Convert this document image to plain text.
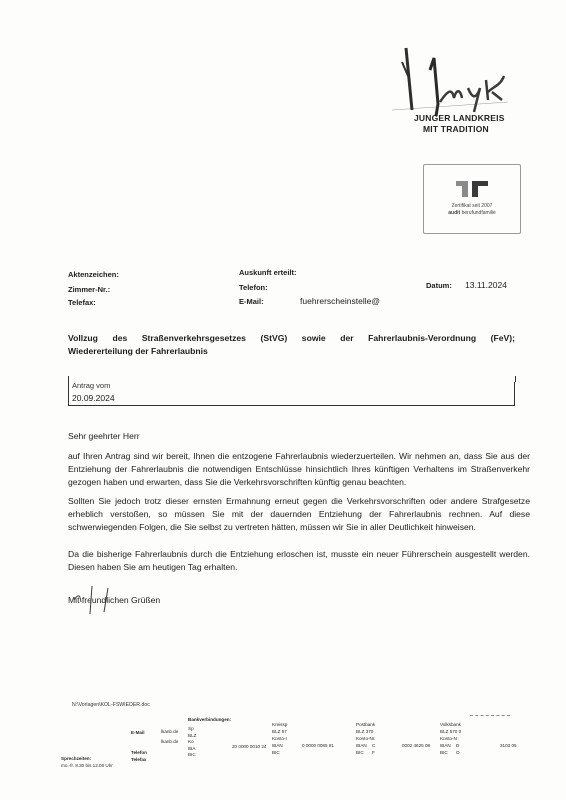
JUNGER LANDKREIS
MIT TRADITION
Zertifikat seit 2007
audit berufundfamilie
Aktenzeichen:
Zimmer-Nr.:
Telefax:
Auskunft erteilt:
Telefon:
E-Mail:	fuehrerscheinstelle@
Datum: 13.11.2024
Vollzug des Straßenverkehrsgesetzes (StVG) sowie der Fahrerlaubnis-Verordnung (FeV);
Wiedererteilung der Fahrerlaubnis
Antrag vom
20.09.2024
Sehr geehrter Herr
auf Ihren Antrag sind wir bereit, Ihnen die entzogene Fahrerlaubnis wiederzuerteilen. Wir nehmen an, dass Sie aus der Entziehung der Fahrerlaubnis die notwendigen Entschlüsse hinsichtlich Ihres künftigen Verhaltens im Straßenverkehr gezogen haben und erwarten, dass Sie die Verkehrsvorschriften künftig genau beachten.
Sollten Sie jedoch trotz dieser ernsten Ermahnung erneut gegen die Verkehrsvorschriften oder andere Strafgesetze erheblich verstoßen, so müssen Sie mit der dauernden Entziehung der Fahrerlaubnis rechnen. Auf diese schwerwiegenden Folgen, die Sie selbst zu vertreten hätten, müssen wir Sie in aller Deutlichkeit hinweisen.
Da die bisherige Fahrerlaubnis durch die Entziehung erloschen ist, musste ein neuer Führerschein ausgestellt werden. Diesen haben Sie am heutigen Tag erhalten.
Mit freundlichen Grüßen
N:\Vorlagen\KOL-FSWIEDER.doc
lkanb.de
lkanb.de
Bankverbindungen:
Sp
BLZ
Ko
IBA
BIC
20 0000 0010 24
Kreissp
BLZ 57
Konto-I
IBAN
BIC
0 0000 0085 81
Postbank
BLZ 370
Konto-Nr.
IBAN
BIC
C
F
0002 4625 08
Volksbank
BLZ 570 0
Konto-N
IBAN
BIC
D
O
3103 05
E-Mail
Telefon
Telefax
Sprechzeiten:
mo.-fr. 8.30 bis 12.00 Uhr
